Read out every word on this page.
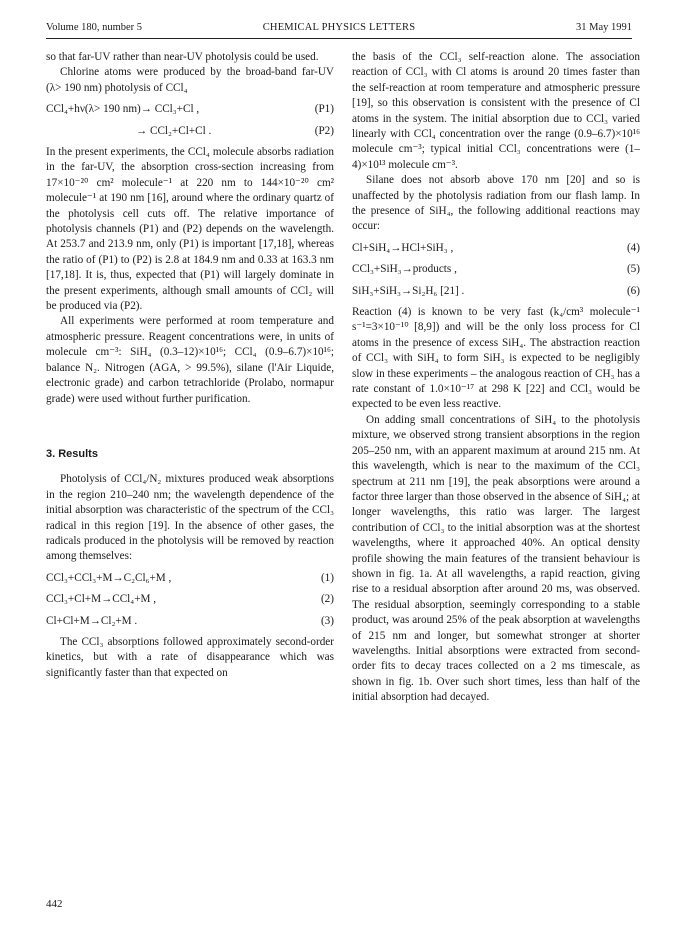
Volume 180, number 5	CHEMICAL PHYSICS LETTERS	31 May 1991

so that far-UV rather than near-UV photolysis could be used.

Chlorine atoms were produced by the broad-band far-UV (λ> 190 nm) photolysis of CCl₄

CCl₄+hν(λ> 190 nm)→ CCl₃+Cl ,	(P1)
→ CCl₂+Cl+Cl .	(P2)

In the present experiments, the CCl₄ molecule absorbs radiation in the far-UV, the absorption cross-section increasing from 17×10⁻²⁰ cm² molecule⁻¹ at 220 nm to 144×10⁻²⁰ cm² molecule⁻¹ at 190 nm [16], around where the ordinary quartz of the photolysis cell cuts off. The relative importance of photolysis channels (P1) and (P2) depends on the wavelength. At 253.7 and 213.9 nm, only (P1) is important [17,18], whereas the ratio of (P1) to (P2) is 2.8 at 184.9 nm and 0.33 at 163.3 nm [17,18]. It is, thus, expected that (P1) will largely dominate in the present experiments, although small amounts of CCl₂ will be produced via (P2).

All experiments were performed at room temperature and atmospheric pressure. Reagent concentrations were, in units of molecule cm⁻³: SiH₄ (0.3–12)×10¹⁶; CCl₄ (0.9–6.7)×10¹⁶; balance N₂. Nitrogen (AGA, > 99.5%), silane (l'Air Liquide, electronic grade) and carbon tetrachloride (Prolabo, normapur grade) were used without further purification.

3. Results

Photolysis of CCl₄/N₂ mixtures produced weak absorptions in the region 210–240 nm; the wavelength dependence of the initial absorption was characteristic of the spectrum of the CCl₃ radical in this region [19]. In the absence of other gases, the radicals produced in the photolysis will be removed by reaction among themselves:

CCl₃+CCl₃+M→C₂Cl₆+M ,	(1)
CCl₃+Cl+M→CCl₄+M ,	(2)
Cl+Cl+M→Cl₂+M .	(3)

The CCl₃ absorptions followed approximately second-order kinetics, but with a rate of disappearance which was significantly faster than that expected on

the basis of the CCl₃ self-reaction alone. The association reaction of CCl₃ with Cl atoms is around 20 times faster than the self-reaction at room temperature and atmospheric pressure [19], so this observation is consistent with the presence of Cl atoms in the system. The initial absorption due to CCl₃ varied linearly with CCl₄ concentration over the range (0.9–6.7)×10¹⁶ molecule cm⁻³; typical initial CCl₃ concentrations were (1–4)×10¹³ molecule cm⁻³.

Silane does not absorb above 170 nm [20] and so is unaffected by the photolysis radiation from our flash lamp. In the presence of SiH₄, the following additional reactions may occur:

Cl+SiH₄→HCl+SiH₃ ,	(4)
CCl₃+SiH₃→products ,	(5)
SiH₃+SiH₃→Si₂H₆ [21] .	(6)

Reaction (4) is known to be very fast (k₄/cm³ molecule⁻¹ s⁻¹=3×10⁻¹⁰ [8,9]) and will be the only loss process for Cl atoms in the presence of excess SiH₄. The abstraction reaction of CCl₃ with SiH₄ to form SiH₃ is expected to be negligibly slow in these experiments – the analogous reaction of CH₃ has a rate constant of 1.0×10⁻¹⁷ at 298 K [22] and CCl₃ would be expected to be even less reactive.

On adding small concentrations of SiH₄ to the photolysis mixture, we observed strong transient absorptions in the region 205–250 nm, with an apparent maximum at around 215 nm. At this wavelength, which is near to the maximum of the CCl₃ spectrum at 211 nm [19], the peak absorptions were around a factor three larger than those observed in the absence of SiH₄; at longer wavelengths, this ratio was larger. The largest contribution of CCl₃ to the initial absorption was at the shortest wavelengths, where it approached 40%. An optical density profile showing the main features of the transient behaviour is shown in fig. 1a. At all wavelengths, a rapid reaction, giving rise to a residual absorption after around 20 ms, was observed. The residual absorption, seemingly corresponding to a stable product, was around 25% of the peak absorption at wavelengths of 215 nm and longer, but somewhat stronger at shorter wavelengths. Initial absorptions were extracted from second-order fits to decay traces collected on a 2 ms timescale, as shown in fig. 1b. Over such short times, less than half of the initial absorption had decayed.

442
